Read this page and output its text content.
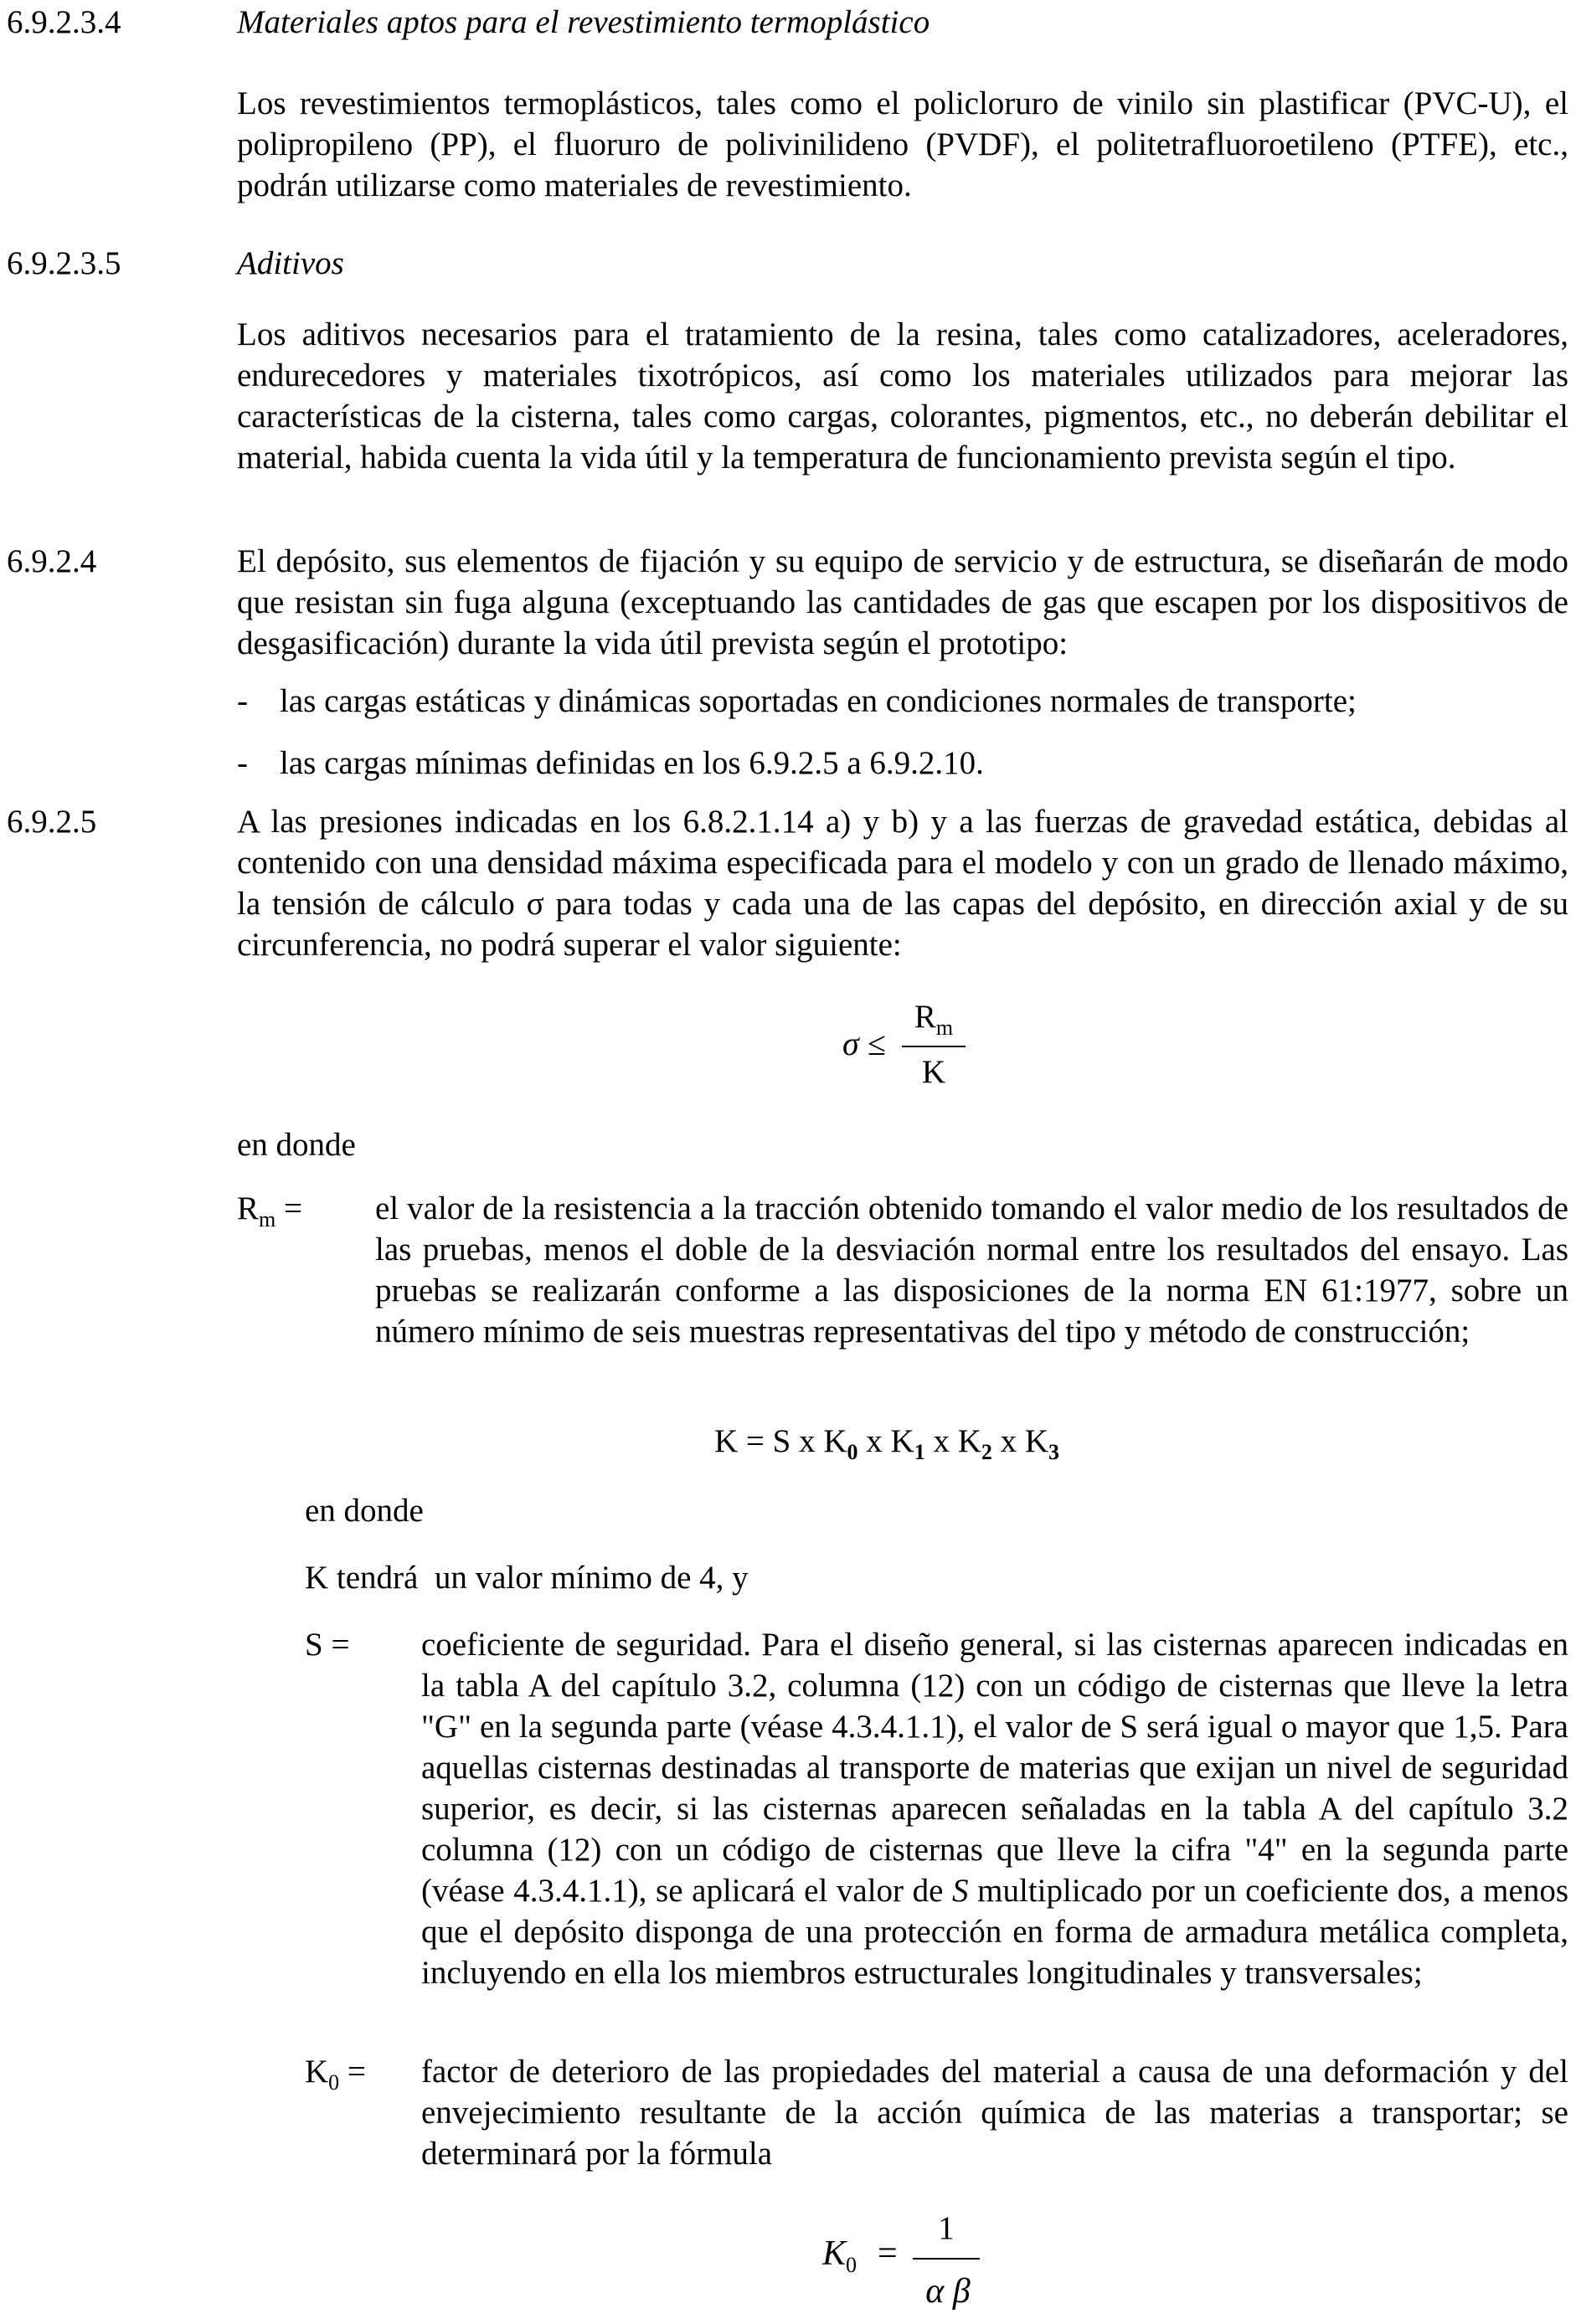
6.9.2.3.4	Materiales aptos para el revestimiento termoplástico
Los revestimientos termoplásticos, tales como el policloruro de vinilo sin plastificar (PVC-U), el polipropileno (PP), el fluoruro de polivinilideno (PVDF), el politetrafluoroetileno (PTFE), etc., podrán utilizarse como materiales de revestimiento.
6.9.2.3.5	Aditivos
Los aditivos necesarios para el tratamiento de la resina, tales como catalizadores, aceleradores, endurecedores y materiales tixotrópicos, así como los materiales utilizados para mejorar las características de la cisterna, tales como cargas, colorantes, pigmentos, etc., no deberán debilitar el material, habida cuenta la vida útil y la temperatura de funcionamiento prevista según el tipo.
6.9.2.4	El depósito, sus elementos de fijación y su equipo de servicio y de estructura, se diseñarán de modo que resistan sin fuga alguna (exceptuando las cantidades de gas que escapen por los dispositivos de desgasificación) durante la vida útil prevista según el prototipo:
- las cargas estáticas y dinámicas soportadas en condiciones normales de transporte;
- las cargas mínimas definidas en los 6.9.2.5 a 6.9.2.10.
6.9.2.5	A las presiones indicadas en los 6.8.2.1.14 a) y b) y a las fuerzas de gravedad estática, debidas al contenido con una densidad máxima especificada para el modelo y con un grado de llenado máximo, la tensión de cálculo σ para todas y cada una de las capas del depósito, en dirección axial y de su circunferencia, no podrá superar el valor siguiente:
σ ≤
$R_m$
K
en donde
$R_m$ = el valor de la resistencia a la tracción obtenido tomando el valor medio de los resultados de las pruebas, menos el doble de la desviación normal entre los resultados del ensayo. Las pruebas se realizarán conforme a las disposiciones de la norma EN 61:1977, sobre un número mínimo de seis muestras representativas del tipo y método de construcción;
K = S x $K_0$ x $K_1$ x $K_2$ x $K_3$
en donde
K tendrá  un valor mínimo de 4, y
S = coeficiente de seguridad. Para el diseño general, si las cisternas aparecen indicadas en la tabla A del capítulo 3.2, columna (12) con un código de cisternas que lleve la letra "G" en la segunda parte (véase 4.3.4.1.1), el valor de S será igual o mayor que 1,5. Para aquellas cisternas destinadas al transporte de materias que exijan un nivel de seguridad superior, es decir, si las cisternas aparecen señaladas en la tabla A del capítulo 3.2 columna (12) con un código de cisternas que lleve la cifra "4" en la segunda parte (véase 4.3.4.1.1), se aplicará el valor de S multiplicado por un coeficiente dos, a menos que el depósito disponga de una protección en forma de armadura metálica completa, incluyendo en ella los miembros estructurales longitudinales y transversales;
$K_0$ = factor de deterioro de las propiedades del material a causa de una deformación y del envejecimiento resultante de la acción química de las materias a transportar; se determinará por la fórmula
$K_0$ =
1
α β
